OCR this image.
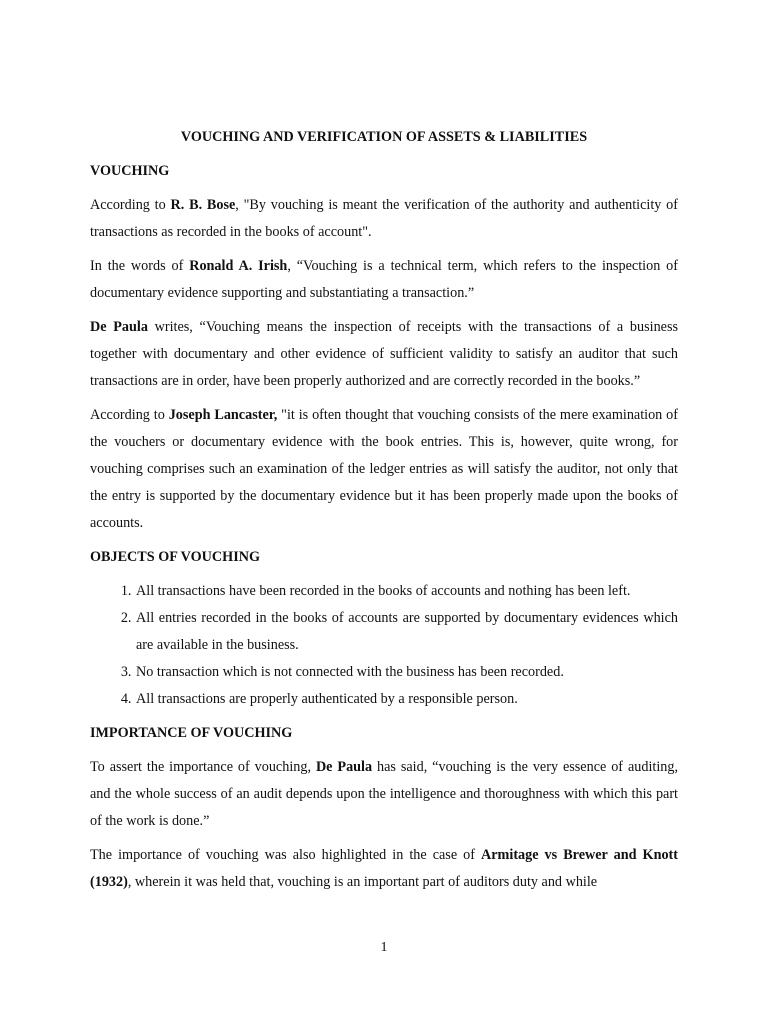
VOUCHING AND VERIFICATION OF ASSETS & LIABILITIES
VOUCHING

According to R. B. Bose, "By vouching is meant the verification of the authority and authenticity of transactions as recorded in the books of account".

In the words of Ronald A. Irish, “Vouching is a technical term, which refers to the inspection of documentary evidence supporting and substantiating a transaction.”

De Paula writes, “Vouching means the inspection of receipts with the transactions of a business together with documentary and other evidence of sufficient validity to satisfy an auditor that such transactions are in order, have been properly authorized and are correctly recorded in the books.”

According to Joseph Lancaster, "it is often thought that vouching consists of the mere examination of the vouchers or documentary evidence with the book entries. This is, however, quite wrong, for vouching comprises such an examination of the ledger entries as will satisfy the auditor, not only that the entry is supported by the documentary evidence but it has been properly made upon the books of accounts.

OBJECTS OF VOUCHING
1. All transactions have been recorded in the books of accounts and nothing has been left.
2. All entries recorded in the books of accounts are supported by documentary evidences which are available in the business.
3. No transaction which is not connected with the business has been recorded.
4. All transactions are properly authenticated by a responsible person.
IMPORTANCE OF VOUCHING

To assert the importance of vouching, De Paula has said, “vouching is the very essence of auditing, and the whole success of an audit depends upon the intelligence and thoroughness with which this part of the work is done.”

The importance of vouching was also highlighted in the case of Armitage vs Brewer and Knott (1932), wherein it was held that, vouching is an important part of auditors duty and while

1
